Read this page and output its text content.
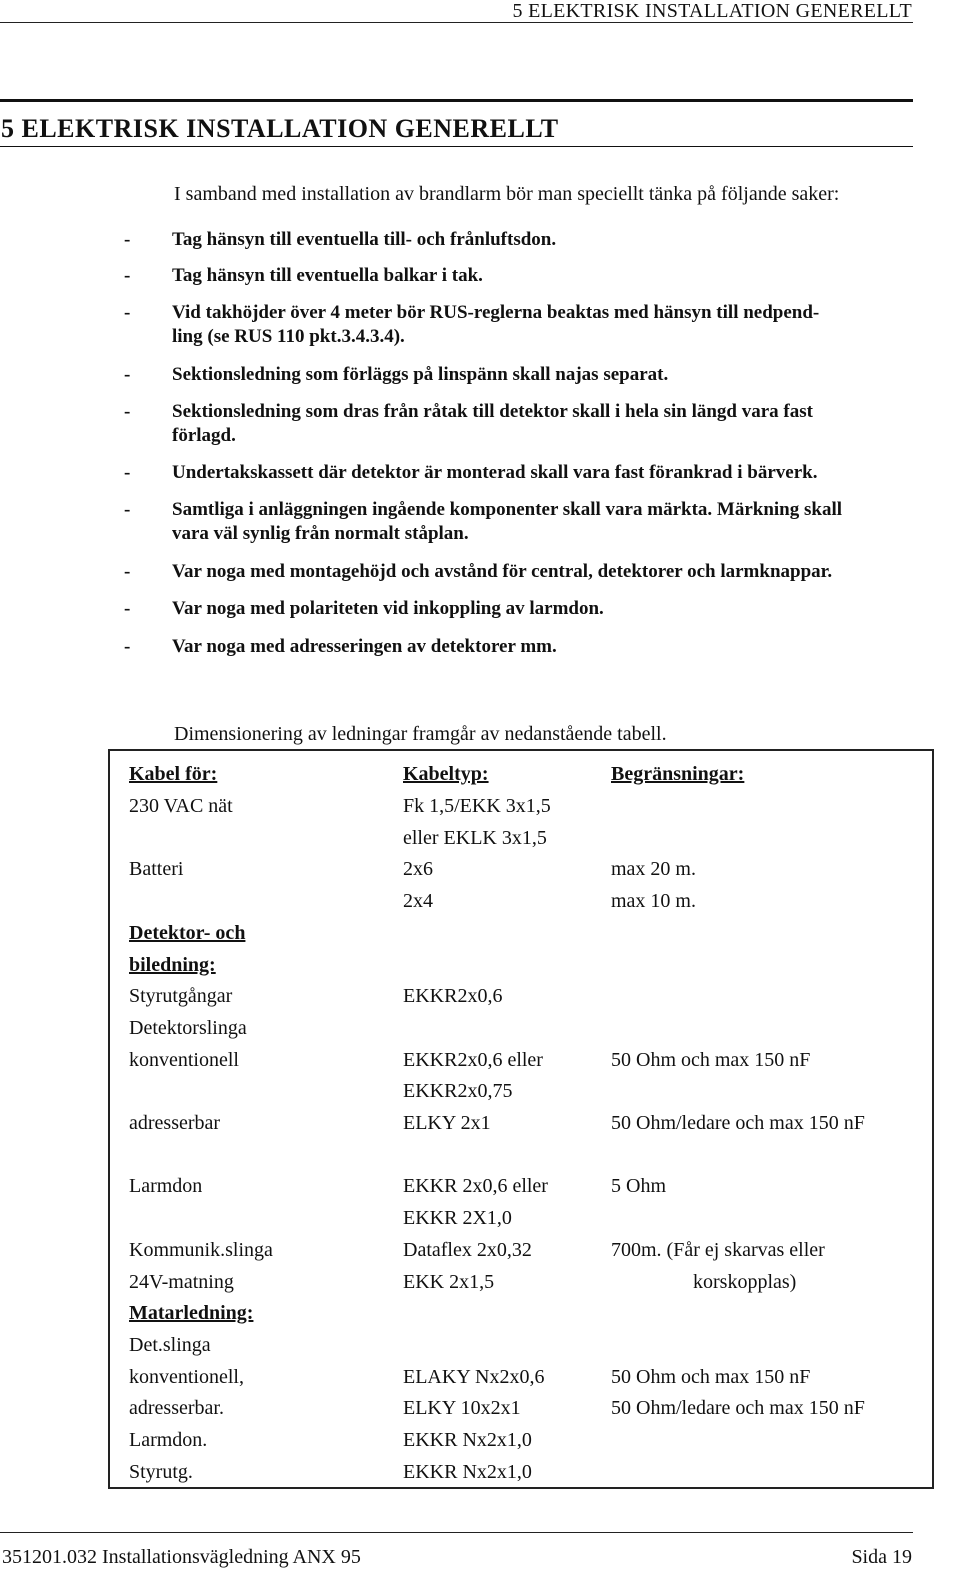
5 ELEKTRISK INSTALLATION GENERELLT
5 ELEKTRISK INSTALLATION GENERELLT
I samband med installation av brandlarm bör man speciellt tänka på följande saker:
- Tag hänsyn till eventuella till- och frånluftsdon.
- Tag hänsyn till eventuella balkar i tak.
- Vid takhöjder över 4 meter bör RUS-reglerna beaktas med hänsyn till nedpend-
ling (se RUS 110 pkt.3.4.3.4).
- Sektionsledning som förläggs på linspänn skall najas separat.
- Sektionsledning som dras från råtak till detektor skall i hela sin längd vara fast
förlagd.
- Undertakskassett där detektor är monterad skall vara fast förankrad i bärverk.
- Samtliga i anläggningen ingående komponenter skall vara märkta. Märkning skall
vara väl synlig från normalt ståplan.
- Var noga med montagehöjd och avstånd för central, detektorer och larmknappar.
- Var noga med polariteten vid inkoppling av larmdon.
- Var noga med adresseringen av detektorer mm.
Dimensionering av ledningar framgår av nedanstående tabell.
Kabel för:	Kabeltyp:	Begränsningar:
230 VAC nät	Fk 1,5/EKK 3x1,5
eller EKLK 3x1,5
Batteri	2x6	max 20 m.
2x4	max 10 m.
Detektor- och
biledning:
Styrutgångar	EKKR2x0,6
Detektorslinga
konventionell	EKKR2x0,6 eller	50 Ohm och max 150 nF
EKKR2x0,75
adresserbar	ELKY 2x1	50 Ohm/ledare och max 150 nF
Larmdon	EKKR 2x0,6 eller	5 Ohm
EKKR 2X1,0
Kommunik.slinga	Dataflex 2x0,32	700m. (Får ej skarvas eller
24V-matning	EKK 2x1,5	korskopplas)
Matarledning:
Det.slinga
konventionell,	ELAKY Nx2x0,6	50 Ohm och max 150 nF
adresserbar.	ELKY 10x2x1	50 Ohm/ledare och max 150 nF
Larmdon.	EKKR Nx2x1,0
Styrutg.	EKKR Nx2x1,0
351201.032 Installationsvägledning ANX 95	Sida 19
